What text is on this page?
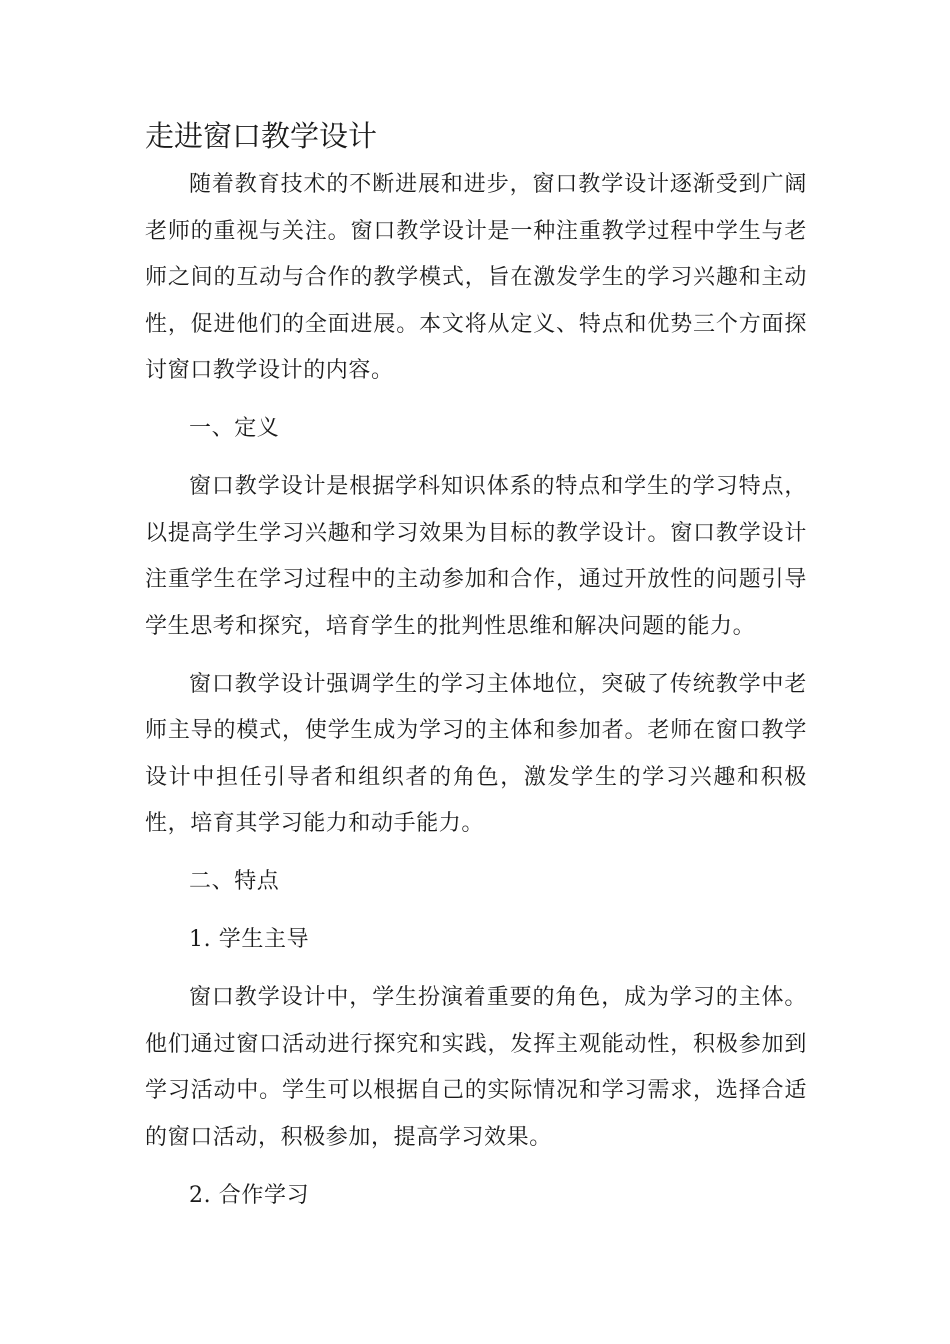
走进窗口教学设计

随着教育技术的不断进展和进步，窗口教学设计逐渐受到广阔老师的重视与关注。窗口教学设计是一种注重教学过程中学生与老师之间的互动与合作的教学模式，旨在激发学生的学习兴趣和主动性，促进他们的全面进展。本文将从定义、特点和优势三个方面探讨窗口教学设计的内容。

一、定义

窗口教学设计是根据学科知识体系的特点和学生的学习特点，以提高学生学习兴趣和学习效果为目标的教学设计。窗口教学设计注重学生在学习过程中的主动参加和合作，通过开放性的问题引导学生思考和探究，培育学生的批判性思维和解决问题的能力。

窗口教学设计强调学生的学习主体地位，突破了传统教学中老师主导的模式，使学生成为学习的主体和参加者。老师在窗口教学设计中担任引导者和组织者的角色，激发学生的学习兴趣和积极性，培育其学习能力和动手能力。

二、特点

1. 学生主导

窗口教学设计中，学生扮演着重要的角色，成为学习的主体。他们通过窗口活动进行探究和实践，发挥主观能动性，积极参加到学习活动中。学生可以根据自己的实际情况和学习需求，选择合适的窗口活动，积极参加，提高学习效果。

2. 合作学习
